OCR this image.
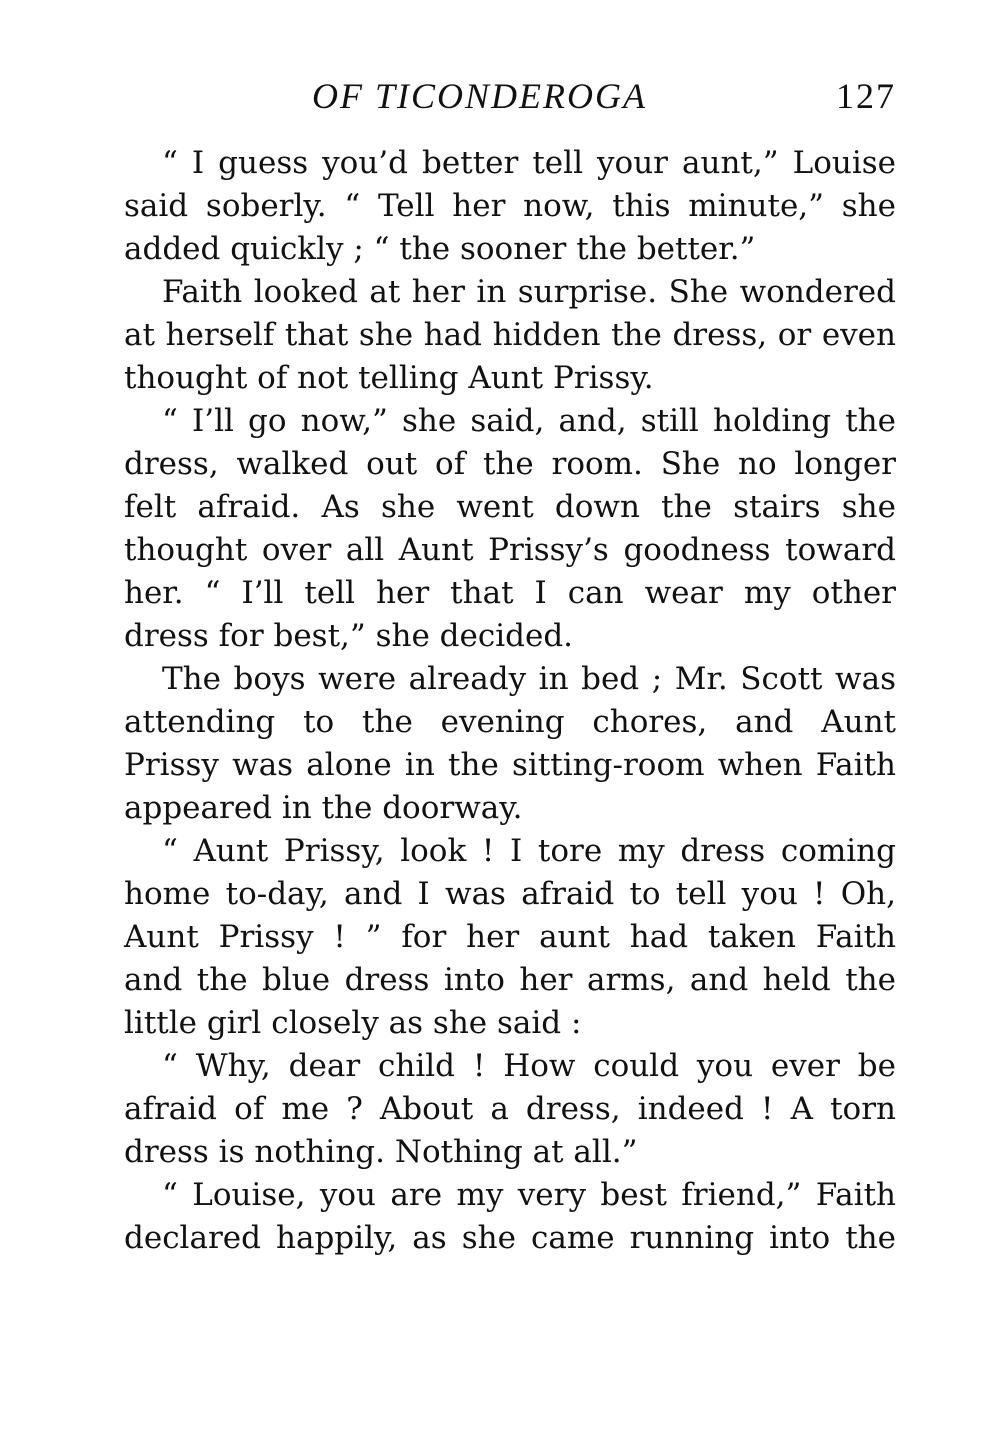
OF TICONDEROGA	127
“ I guess you’d better tell your aunt,” Louise
said soberly. “ Tell her now, this minute,” she
added quickly ; “ the sooner the better.”
Faith looked at her in surprise. She wondered
at herself that she had hidden the dress, or even
thought of not telling Aunt Prissy.
“ I’ll go now,” she said, and, still holding the
dress, walked out of the room. She no longer
felt afraid. As she went down the stairs she
thought over all Aunt Prissy’s goodness toward
her. “ I’ll tell her that I can wear my other
dress for best,” she decided.
The boys were already in bed ; Mr. Scott was
attending to the evening chores, and Aunt
Prissy was alone in the sitting-room when Faith
appeared in the doorway.
“ Aunt Prissy, look ! I tore my dress coming
home to-day, and I was afraid to tell you ! Oh,
Aunt Prissy ! ” for her aunt had taken Faith
and the blue dress into her arms, and held the
little girl closely as she said :
“ Why, dear child ! How could you ever be
afraid of me ? About a dress, indeed ! A torn
dress is nothing. Nothing at all.”
“ Louise, you are my very best friend,” Faith
declared happily, as she came running into the
